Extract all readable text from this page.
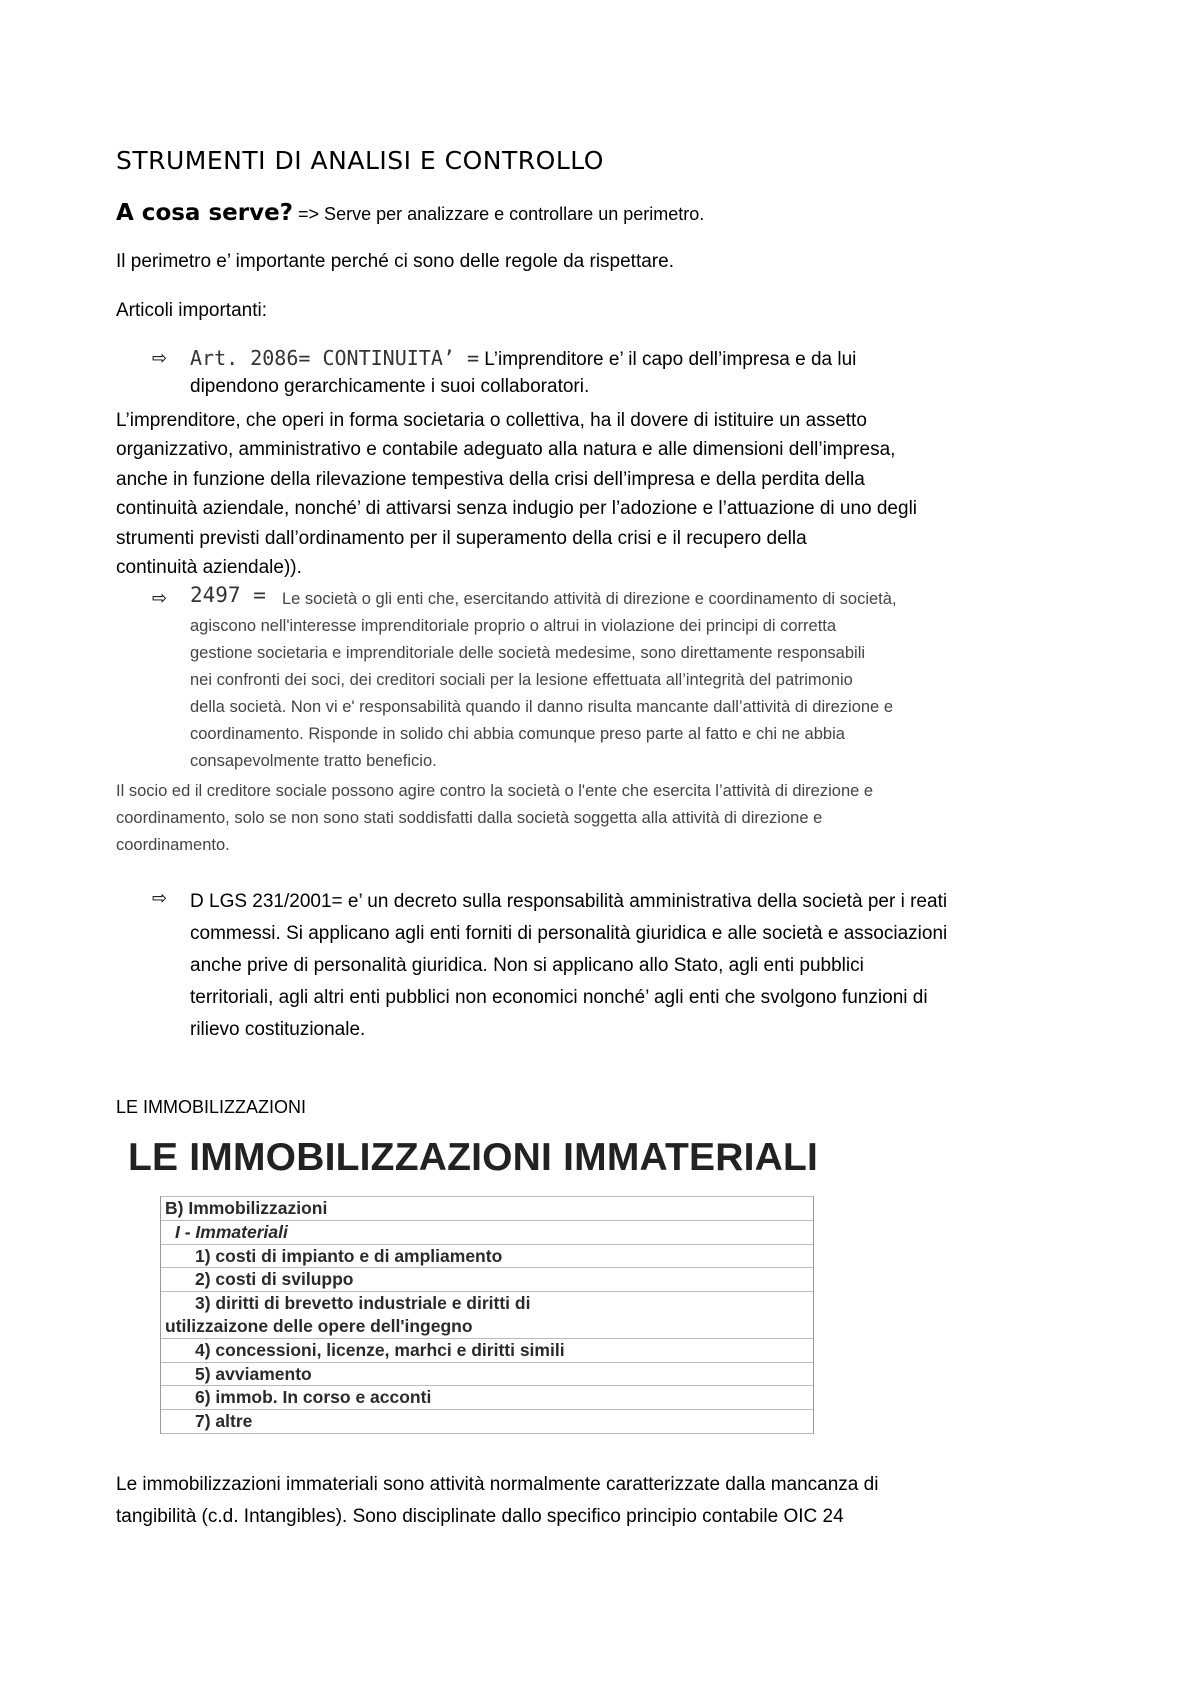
STRUMENTI DI ANALISI E CONTROLLO
A cosa serve? => Serve per analizzare e controllare un perimetro.
Il perimetro e’ importante perché ci sono delle regole da rispettare.
Articoli importanti:
⇨ Art. 2086= CONTINUITA’ = L’imprenditore e’ il capo dell’impresa e da lui
dipendono gerarchicamente i suoi collaboratori.
L’imprenditore, che operi in forma societaria o collettiva, ha il dovere di istituire un assetto
organizzativo, amministrativo e contabile adeguato alla natura e alle dimensioni dell’impresa,
anche in funzione della rilevazione tempestiva della crisi dell’impresa e della perdita della
continuità aziendale, nonché’ di attivarsi senza indugio per l’adozione e l’attuazione di uno degli
strumenti previsti dall’ordinamento per il superamento della crisi e il recupero della
continuità aziendale)).
⇨ 2497 = Le società o gli enti che, esercitando attività di direzione e coordinamento di società,
agiscono nell'interesse imprenditoriale proprio o altrui in violazione dei principi di corretta
gestione societaria e imprenditoriale delle società medesime, sono direttamente responsabili
nei confronti dei soci, dei creditori sociali per la lesione effettuata all’integrità del patrimonio
della società. Non vi e' responsabilità quando il danno risulta mancante dall’attività di direzione e
coordinamento. Risponde in solido chi abbia comunque preso parte al fatto e chi ne abbia
consapevolmente tratto beneficio.
Il socio ed il creditore sociale possono agire contro la società o l'ente che esercita l’attività di direzione e
coordinamento, solo se non sono stati soddisfatti dalla società soggetta alla attività di direzione e
coordinamento.
⇨ D LGS 231/2001= e’ un decreto sulla responsabilità amministrativa della società per i reati
commessi. Si applicano agli enti forniti di personalità giuridica e alle società e associazioni
anche prive di personalità giuridica. Non si applicano allo Stato, agli enti pubblici
territoriali, agli altri enti pubblici non economici nonché’ agli enti che svolgono funzioni di
rilievo costituzionale.
LE IMMOBILIZZAZIONI
LE IMMOBILIZZAZIONI IMMATERIALI
B) Immobilizzazioni
I - Immateriali
1) costi di impianto e di ampliamento
2) costi di sviluppo
3) diritti di brevetto industriale e diritti di
utilizzaizone delle opere dell'ingegno
4) concessioni, licenze, marhci e diritti simili
5) avviamento
6) immob. In corso e acconti
7) altre
Le immobilizzazioni immateriali sono attività normalmente caratterizzate dalla mancanza di
tangibilità (c.d. Intangibles). Sono disciplinate dallo specifico principio contabile OIC 24
